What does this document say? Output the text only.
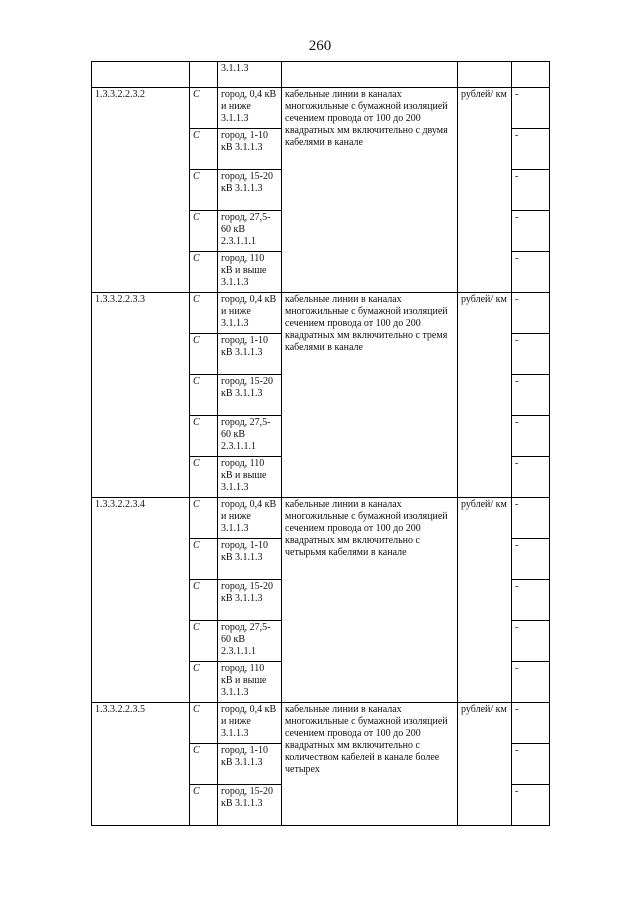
260
		3.1.1.3			
1.3.3.2.2.3.2	С	город, 0,4 кВ и ниже 3.1.1.3	кабельные линии в каналах многожильные с бумажной изоляцией сечением провода от 100 до 200 квадратных мм включительно с двумя кабелями в канале	рублей/ км	-
	С	город, 1-10 кВ 3.1.1.3			-
	С	город, 15-20 кВ 3.1.1.3			-
	С	город, 27,5-60 кВ 2.3.1.1.1			-
	С	город, 110 кВ и выше 3.1.1.3			-
1.3.3.2.2.3.3	С	город, 0,4 кВ и ниже 3.1.1.3	кабельные линии в каналах многожильные с бумажной изоляцией сечением провода от 100 до 200 квадратных мм включительно с тремя кабелями в канале	рублей/ км	-
	С	город, 1-10 кВ 3.1.1.3			-
	С	город, 15-20 кВ 3.1.1.3			-
	С	город, 27,5-60 кВ 2.3.1.1.1			-
	С	город, 110 кВ и выше 3.1.1.3			-
1.3.3.2.2.3.4	С	город, 0,4 кВ и ниже 3.1.1.3	кабельные линии в каналах многожильные с бумажной изоляцией сечением провода от 100 до 200 квадратных мм включительно с четырьмя кабелями в канале	рублей/ км	-
	С	город, 1-10 кВ 3.1.1.3			-
	С	город, 15-20 кВ 3.1.1.3			-
	С	город, 27,5-60 кВ 2.3.1.1.1			-
	С	город, 110 кВ и выше 3.1.1.3			-
1.3.3.2.2.3.5	С	город, 0,4 кВ и ниже 3.1.1.3	кабельные линии в каналах многожильные с бумажной изоляцией сечением провода от 100 до 200 квадратных мм включительно с количеством кабелей в канале более четырех	рублей/ км	-
	С	город, 1-10 кВ 3.1.1.3			-
	С	город, 15-20 кВ 3.1.1.3			-
